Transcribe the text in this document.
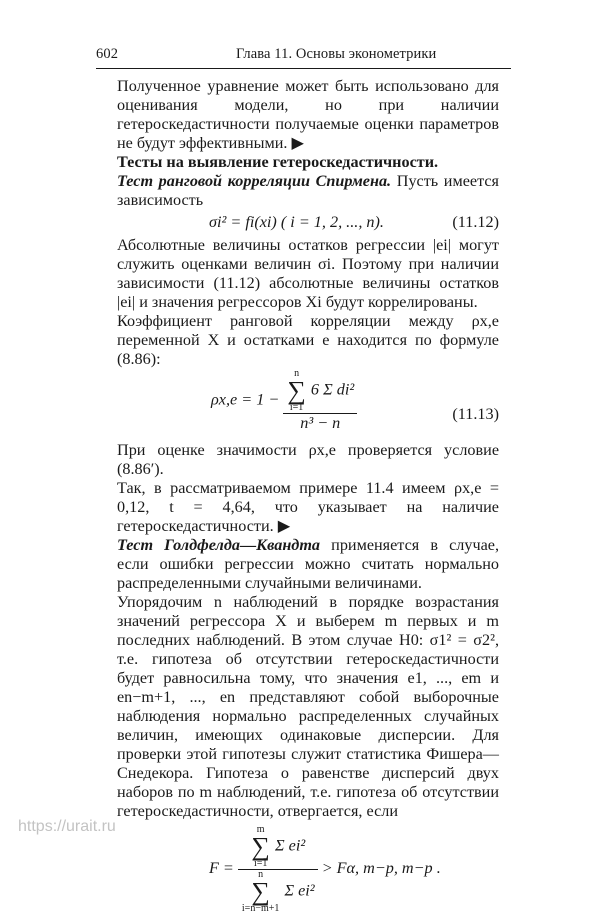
602	Глава 11. Основы эконометрики

Полученное уравнение может быть использовано для оценивания модели, но при наличии гетероскедастичности получаемые оценки параметров не будут эффективными. ▶

Тесты на выявление гетероскедастичности.

Тест ранговой корреляции Спирмена. Пусть имеется зависимость

σi² = fi(xi) ( i = 1, 2, ..., n).	(11.12)

Абсолютные величины остатков регрессии |ei| могут служить оценками величин σi. Поэтому при наличии зависимости (11.12) абсолютные величины остатков |ei| и значения регрессоров Xi будут коррелированы.

Коэффициент ранговой корреляции между ρx,e переменной X и остатками e находится по формуле (8.86):

ρx,e = 1 − n
∑
i=1 6 Σ di²
n³ − n	(11.13)

При оценке значимости ρx,e проверяется условие (8.86′).

Так, в рассматриваемом примере 11.4 имеем ρx,e = 0,12, t = 4,64, что указывает на наличие гетероскедастичности. ▶

Тест Голдфелда—Квандта применяется в случае, если ошибки регрессии можно считать нормально распределенными случайными величинами.

Упорядочим n наблюдений в порядке возрастания значений регрессора X и выберем m первых и m последних наблюдений. В этом случае H0: σ1² = σ2², т.е. гипотеза об отсутствии гетероскедастичности будет равносильна тому, что значения e1, ..., em и en−m+1, ..., en представляют собой выборочные наблюдения нормально распределенных случайных величин, имеющих одинаковые дисперсии. Для проверки этой гипотезы служит статистика Фишера—Снедекора. Гипотеза о равенстве дисперсий двух наборов по m наблюдений, т.е. гипотеза об отсутствии гетероскедастичности, отвергается, если

F =
m
∑
i=1 Σ ei²
n
∑
i=n−m+1 Σ ei²
> Fα, m−p, m−p .
https://urait.ru
